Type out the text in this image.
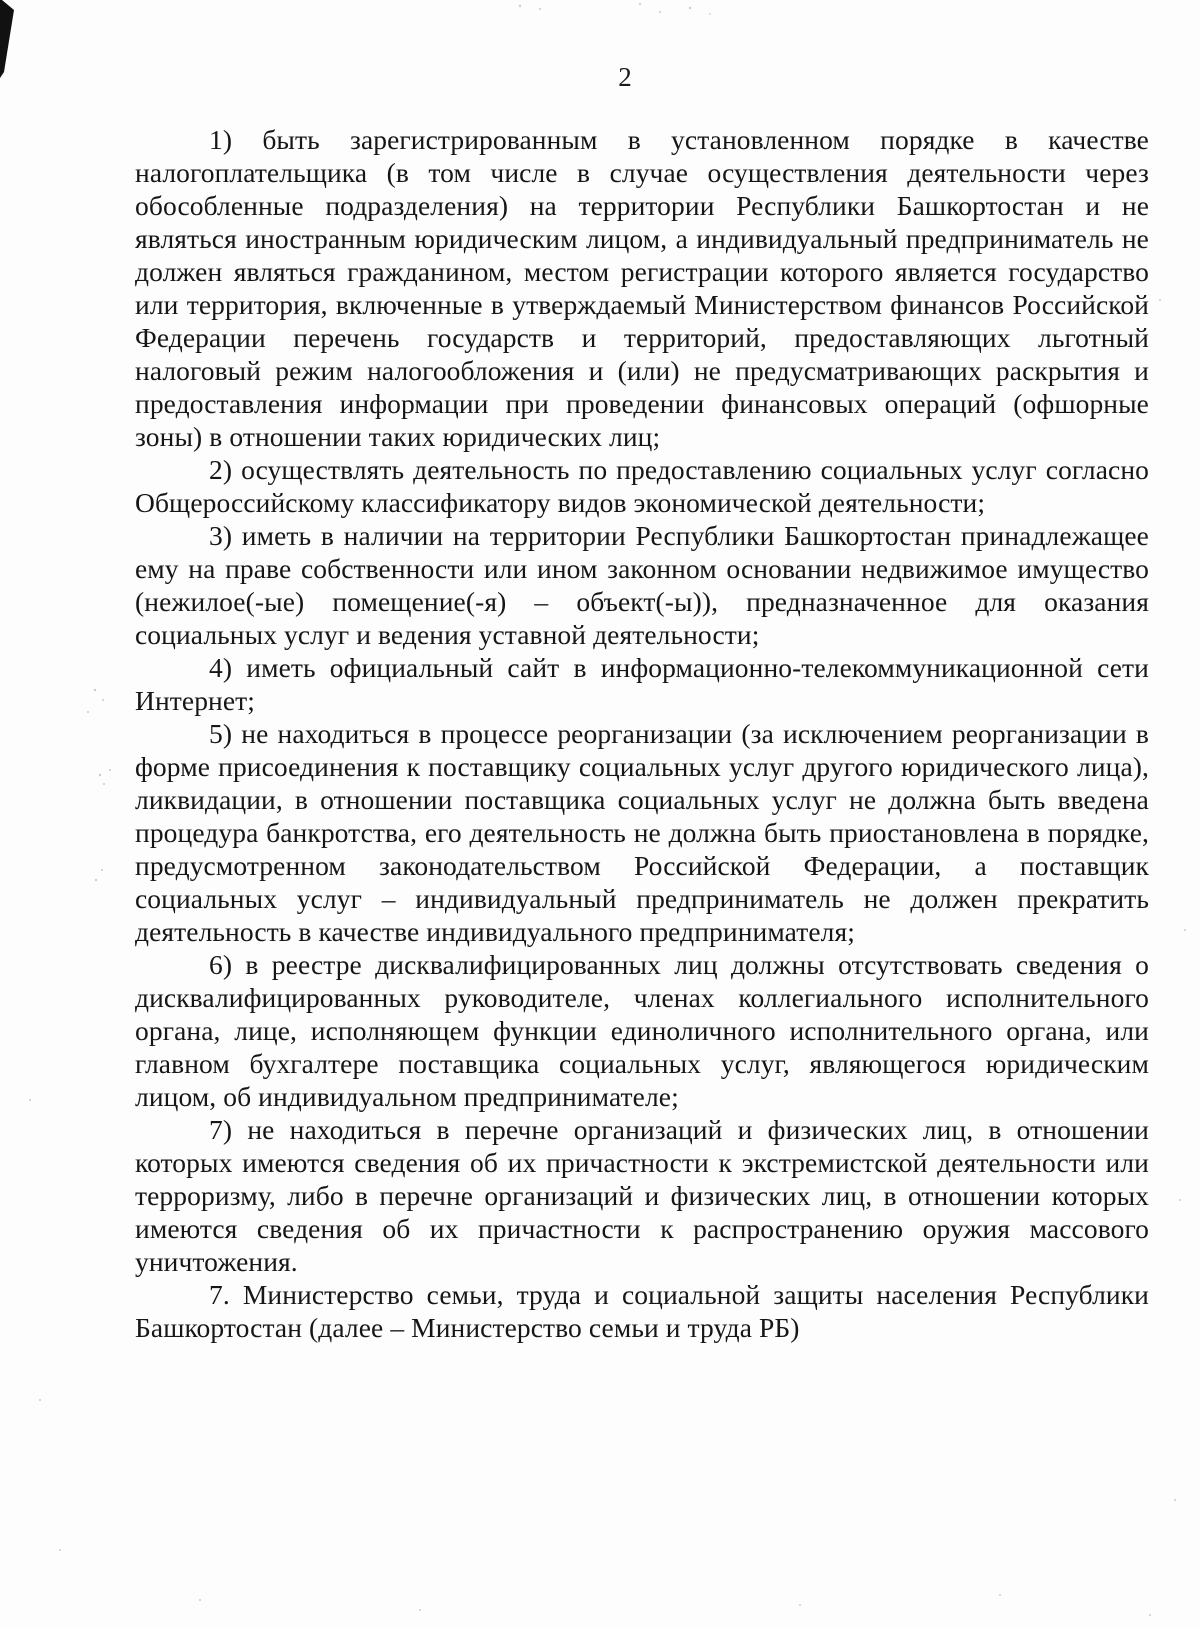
2

1) быть зарегистрированным в установленном порядке в качестве налогоплательщика (в том числе в случае осуществления деятельности через обособленные подразделения) на территории Республики Башкортостан и не являться иностранным юридическим лицом, а индивидуальный предприниматель не должен являться гражданином, местом регистрации которого является государство или территория, включенные в утверждаемый Министерством финансов Российской Федерации перечень государств и территорий, предоставляющих льготный налоговый режим налогообложения и (или) не предусматривающих раскрытия и предоставления информации при проведении финансовых операций (офшорные зоны) в отношении таких юридических лиц;

2) осуществлять деятельность по предоставлению социальных услуг согласно Общероссийскому классификатору видов экономической деятельности;

3) иметь в наличии на территории Республики Башкортостан принадлежащее ему на праве собственности или ином законном основании недвижимое имущество (нежилое(-ые) помещение(-я) – объект(-ы)), предназначенное для оказания социальных услуг и ведения уставной деятельности;

4) иметь официальный сайт в информационно-телекоммуникационной сети Интернет;

5) не находиться в процессе реорганизации (за исключением реорганизации в форме присоединения к поставщику социальных услуг другого юридического лица), ликвидации, в отношении поставщика социальных услуг не должна быть введена процедура банкротства, его деятельность не должна быть приостановлена в порядке, предусмотренном законодательством Российской Федерации, а поставщик социальных услуг – индивидуальный предприниматель не должен прекратить деятельность в качестве индивидуального предпринимателя;

6) в реестре дисквалифицированных лиц должны отсутствовать сведения о дисквалифицированных руководителе, членах коллегиального исполнительного органа, лице, исполняющем функции единоличного исполнительного органа, или главном бухгалтере поставщика социальных услуг, являющегося юридическим лицом, об индивидуальном предпринимателе;

7) не находиться в перечне организаций и физических лиц, в отношении которых имеются сведения об их причастности к экстремистской деятельности или терроризму, либо в перечне организаций и физических лиц, в отношении которых имеются сведения об их причастности к распространению оружия массового уничтожения.

7. Министерство семьи, труда и социальной защиты населения Республики Башкортостан (далее – Министерство семьи и труда РБ)
